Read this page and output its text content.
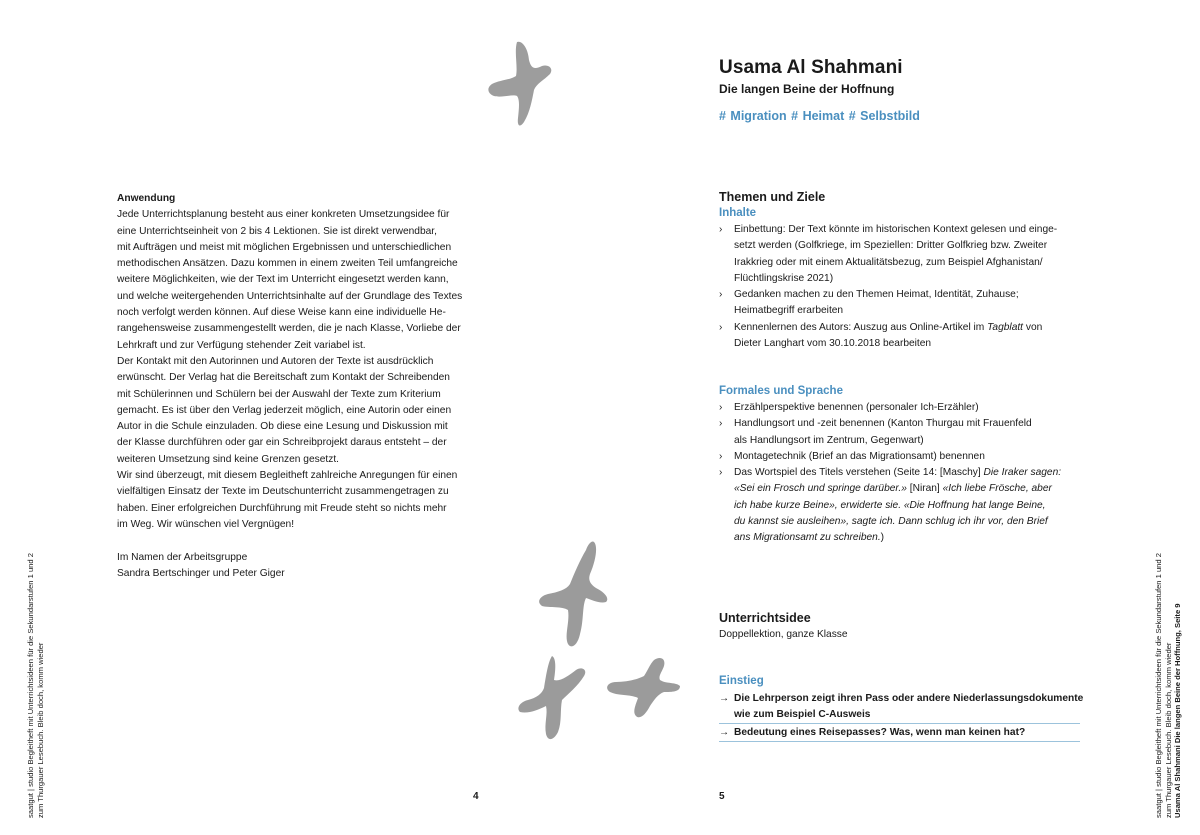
Anwendung

Jede Unterrichtsplanung besteht aus einer konkreten Umsetzungsidee für

eine Unterrichtseinheit von 2 bis 4 Lektionen. Sie ist direkt verwendbar,

mit Aufträgen und meist mit möglichen Ergebnissen und unterschiedlichen

methodischen Ansätzen. Dazu kommen in einem zweiten Teil umfangreiche

weitere Möglichkeiten, wie der Text im Unterricht eingesetzt werden kann,

und welche weitergehenden Unterrichtsinhalte auf der Grundlage des Textes

noch verfolgt werden können. Auf diese Weise kann eine individuelle He-

rangehensweise zusammengestellt werden, die je nach Klasse, Vorliebe der

Lehrkraft und zur Verfügung stehender Zeit variabel ist.

Der Kontakt mit den Autorinnen und Autoren der Texte ist ausdrücklich

erwünscht. Der Verlag hat die Bereitschaft zum Kontakt der Schreibenden

mit Schülerinnen und Schülern bei der Auswahl der Texte zum Kriterium

gemacht. Es ist über den Verlag jederzeit möglich, eine Autorin oder einen

Autor in die Schule einzuladen. Ob diese eine Lesung und Diskussion mit

der Klasse durchführen oder gar ein Schreibprojekt daraus entsteht – der

weiteren Umsetzung sind keine Grenzen gesetzt.

Wir sind überzeugt, mit diesem Begleitheft zahlreiche Anregungen für einen

vielfältigen Einsatz der Texte im Deutschunterricht zusammengetragen zu

haben. Einer erfolgreichen Durchführung mit Freude steht so nichts mehr

im Weg. Wir wünschen viel Vergnügen!

Im Namen der Arbeitsgruppe

Sandra Bertschinger und Peter Giger

4
saatgut | studio Begleitheft mit Unterrichtsideen für die Sekundarstufen 1 und 2 zum Thurgauer Lesebuch. Bleib doch, komm wieder
Usama Al Shahmani
Die langen Beine der Hoffnung
# Migration # Heimat # Selbstbild
Themen und Ziele
Inhalte
› Einbettung: Der Text könnte im historischen Kontext gelesen und einge-
setzt werden (Golfkriege, im Speziellen: Dritter Golfkrieg bzw. Zweiter
Irakkrieg oder mit einem Aktualitätsbezug, zum Beispiel Afghanistan/
Flüchtlingskrise 2021)
› Gedanken machen zu den Themen Heimat, Identität, Zuhause;
Heimatbegriff erarbeiten
› Kennenlernen des Autors: Auszug aus Online-Artikel im Tagblatt von
Dieter Langhart vom 30.10.2018 bearbeiten
Formales und Sprache
› Erzählperspektive benennen (personaler Ich-Erzähler)
› Handlungsort und -zeit benennen (Kanton Thurgau mit Frauenfeld
als Handlungsort im Zentrum, Gegenwart)
› Montagetechnik (Brief an das Migrationsamt) benennen
› Das Wortspiel des Titels verstehen (Seite 14: [Maschy] Die Iraker sagen:
«Sei ein Frosch und springe darüber.» [Niran] «Ich liebe Frösche, aber
ich habe kurze Beine», erwiderte sie. «Die Hoffnung hat lange Beine,
du kannst sie ausleihen», sagte ich. Dann schlug ich ihr vor, den Brief
ans Migrationsamt zu schreiben.)
Unterrichtsidee
Doppellektion, ganze Klasse
Einstieg
→ Die Lehrperson zeigt ihren Pass oder andere Niederlassungsdokumente
wie zum Beispiel C-Ausweis
→ Bedeutung eines Reisepasses? Was, wenn man keinen hat?
5	saatgut | studio Begleitheft mit Unterrichtsideen für die Sekundarstufen 1 und 2 zum Thurgauer Lesebuch. Bleib doch, komm wieder Usama Al Shahmani Die langen Beine der Hoffnung, Seite 9
